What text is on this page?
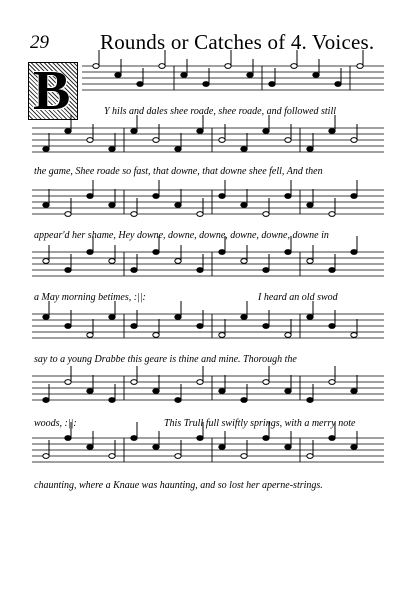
29 Rounds or Catches of 4. Voices.
B	Y hils and dales shee roade, shee roade, and followed still
the game, Shee roade so fast, that downe, that downe shee fell, And then
appear'd her shame, Hey downe, downe, downe, downe, downe, downe in
a May morning betimes, :||:	I heard an old swod
say to a young Drabbe this geare is thine and mine. Thorough the
woods, :||:	This Trull full swiftly springs, with a merry note
chaunting, where a Knaue was haunting, and so lost her aperne-strings.
